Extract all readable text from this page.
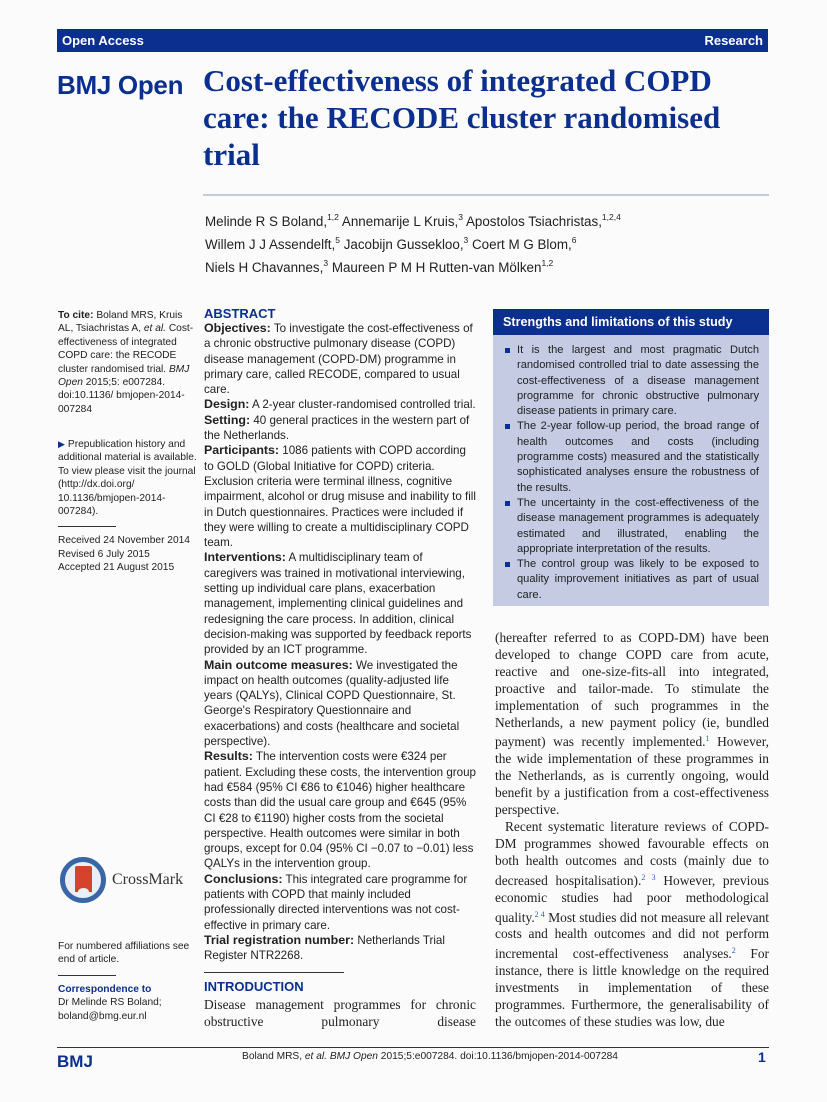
Open Access	Research
BMJ Open Cost-effectiveness of integrated COPD care: the RECODE cluster randomised trial
Melinde R S Boland,$^{1,2}$ Annemarije L Kruis,$^3$ Apostolos Tsiachristas,$^{1,2,4}$
Willem J J Assendelft,$^5$ Jacobijn Gussekloo,$^3$ Coert M G Blom,$^6$
Niels H Chavannes,$^3$ Maureen P M H Rutten-van Mölken$^{1,2}$
To cite: Boland MRS, Kruis AL, Tsiachristas A, et al. Cost-effectiveness of integrated COPD care: the RECODE cluster randomised trial. BMJ Open 2015;5: e007284. doi:10.1136/ bmjopen-2014-007284
▶ Prepublication history and additional material is available. To view please visit the journal (http://dx.doi.org/ 10.1136/bmjopen-2014- 007284).
Received 24 November 2014
Revised 6 July 2015
Accepted 21 August 2015
CrossMark
For numbered affiliations see end of article.
Correspondence to
Dr Melinde RS Boland;
boland@bmg.eur.nl
ABSTRACT

Objectives: To investigate the cost-effectiveness of a chronic obstructive pulmonary disease (COPD) disease management (COPD-DM) programme in primary care, called RECODE, compared to usual care.

Design: A 2-year cluster-randomised controlled trial.

Setting: 40 general practices in the western part of the Netherlands.

Participants: 1086 patients with COPD according to GOLD (Global Initiative for COPD) criteria. Exclusion criteria were terminal illness, cognitive impairment, alcohol or drug misuse and inability to fill in Dutch questionnaires. Practices were included if they were willing to create a multidisciplinary COPD team.

Interventions: A multidisciplinary team of caregivers was trained in motivational interviewing, setting up individual care plans, exacerbation management, implementing clinical guidelines and redesigning the care process. In addition, clinical decision-making was supported by feedback reports provided by an ICT programme.

Main outcome measures: We investigated the impact on health outcomes (quality-adjusted life years (QALYs), Clinical COPD Questionnaire, St. George's Respiratory Questionnaire and exacerbations) and costs (healthcare and societal perspective).

Results: The intervention costs were €324 per patient. Excluding these costs, the intervention group had €584 (95% CI €86 to €1046) higher healthcare costs than did the usual care group and €645 (95% CI €28 to €1190) higher costs from the societal perspective. Health outcomes were similar in both groups, except for 0.04 (95% CI −0.07 to −0.01) less QALYs in the intervention group.

Conclusions: This integrated care programme for patients with COPD that mainly included professionally directed interventions was not cost-effective in primary care.

Trial registration number: Netherlands Trial Register NTR2268.

INTRODUCTION

Disease management programmes for chronic obstructive pulmonary disease

Strengths and limitations of this study
It is the largest and most pragmatic Dutch randomised controlled trial to date assessing the cost-effectiveness of a disease management programme for chronic obstructive pulmonary disease patients in primary care.
The 2-year follow-up period, the broad range of health outcomes and costs (including programme costs) measured and the statistically sophisticated analyses ensure the robustness of the results.
The uncertainty in the cost-effectiveness of the disease management programmes is adequately estimated and illustrated, enabling the appropriate interpretation of the results.
The control group was likely to be exposed to quality improvement initiatives as part of usual care.

(hereafter referred to as COPD-DM) have been developed to change COPD care from acute, reactive and one-size-fits-all into integrated, proactive and tailor-made. To stimulate the implementation of such programmes in the Netherlands, a new payment policy (ie, bundled payment) was recently implemented.$^1$ However, the wide implementation of these programmes in the Netherlands, as is currently ongoing, would benefit by a justification from a cost-effectiveness perspective.

Recent systematic literature reviews of COPD-DM programmes showed favourable effects on both health outcomes and costs (mainly due to decreased hospitalisation).$^{2 3}$ However, previous economic studies had poor methodological quality.$^{2 4}$ Most studies did not measure all relevant costs and health outcomes and did not perform incremental cost-effectiveness analyses.$^2$ For instance, there is little knowledge on the required investments in implementation of these programmes. Furthermore, the generalisability of the outcomes of these studies was low, due

BMJ	Boland MRS, et al. BMJ Open 2015;5:e007284. doi:10.1136/bmjopen-2014-007284	1
